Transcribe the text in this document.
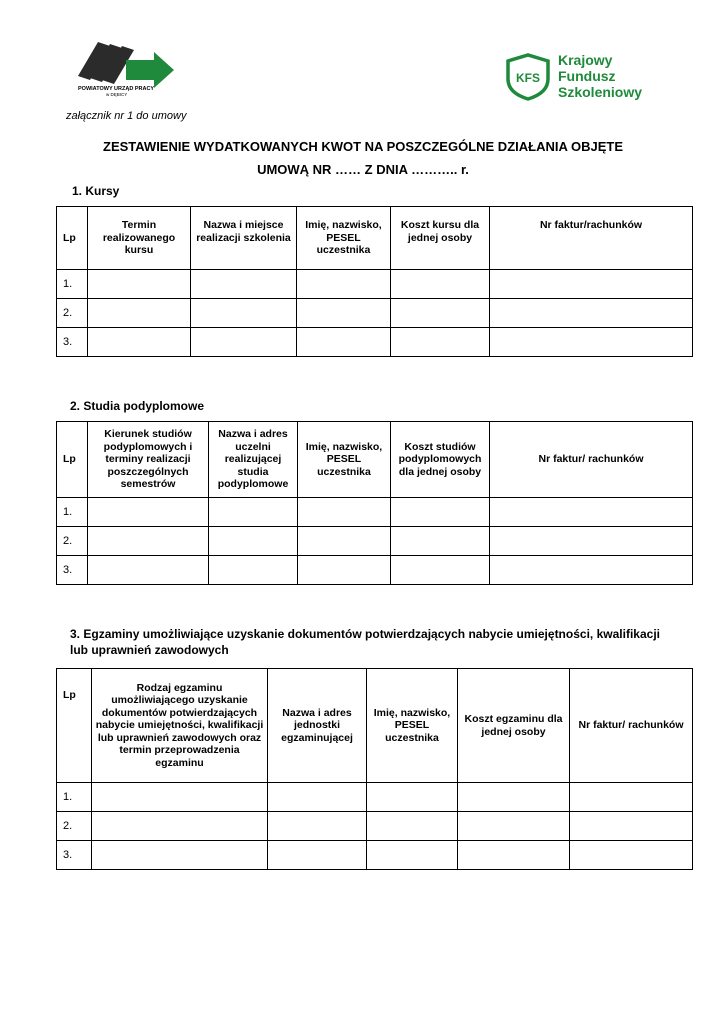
POWIATOWY URZĄD PRACY
w DĘBICY
KFS
Krajowy
Fundusz
Szkoleniowy
załącznik nr 1 do umowy
ZESTAWIENIE WYDATKOWANYCH KWOT NA POSZCZEGÓLNE DZIAŁANIA OBJĘTE
UMOWĄ NR …… Z DNIA ……….. r.
1. Kursy
Lp	Termin realizowanego kursu	Nazwa i miejsce realizacji szkolenia	Imię, nazwisko, PESEL uczestnika	Koszt kursu dla jednej osoby	Nr faktur/rachunków
1.					
2.					
3.					
2. Studia podyplomowe
Lp	Kierunek studiów podyplomowych i terminy realizacji poszczególnych semestrów	Nazwa i adres uczelni realizującej studia podyplomowe	Imię, nazwisko, PESEL uczestnika	Koszt studiów podyplomowych dla jednej osoby	Nr faktur/ rachunków
1.					
2.					
3.					
3. Egzaminy umożliwiające uzyskanie dokumentów potwierdzających nabycie umiejętności, kwalifikacji lub uprawnień zawodowych
Lp	Rodzaj egzaminu umożliwiającego uzyskanie dokumentów potwierdzających nabycie umiejętności, kwalifikacji lub uprawnień zawodowych oraz termin przeprowadzenia egzaminu	Nazwa i adres jednostki egzaminującej	Imię, nazwisko, PESEL uczestnika	Koszt egzaminu dla jednej osoby	Nr faktur/ rachunków
1.					
2.					
3.					
